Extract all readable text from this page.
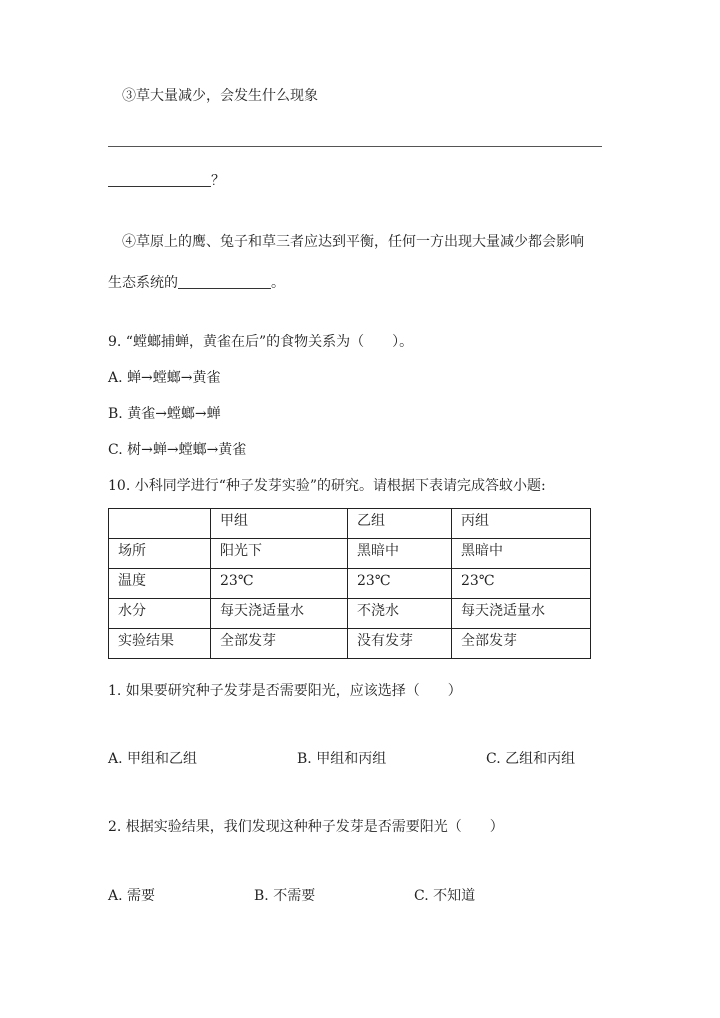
③草大量减少，会发生什么现象
？
④草原上的鹰、兔子和草三者应达到平衡，任何一方出现大量减少都会影响
生态系统的	。
9. “螳螂捕蝉，黄雀在后”的食物关系为（　　）。
A. 蝉→螳螂→黄雀
B. 黄雀→螳螂→蝉
C. 树→蝉→螳螂→黄雀
10. 小科同学进行“种子发芽实验”的研究。请根据下表请完成答蚊小题:
	甲组	乙组	丙组
场所	阳光下	黑暗中	黑暗中
温度	23℃	23℃	23℃
水分	每天浇适量水	不浇水	每天浇适量水
实验结果	全部发芽	没有发芽	全部发芽
1. 如果要研究种子发芽是否需要阳光，应该选择（　　）
A. 甲组和乙组	B. 甲组和丙组	C. 乙组和丙组
2. 根据实验结果，我们发现这种种子发芽是否需要阳光（　　）
A. 需要	B. 不需要	C. 不知道
